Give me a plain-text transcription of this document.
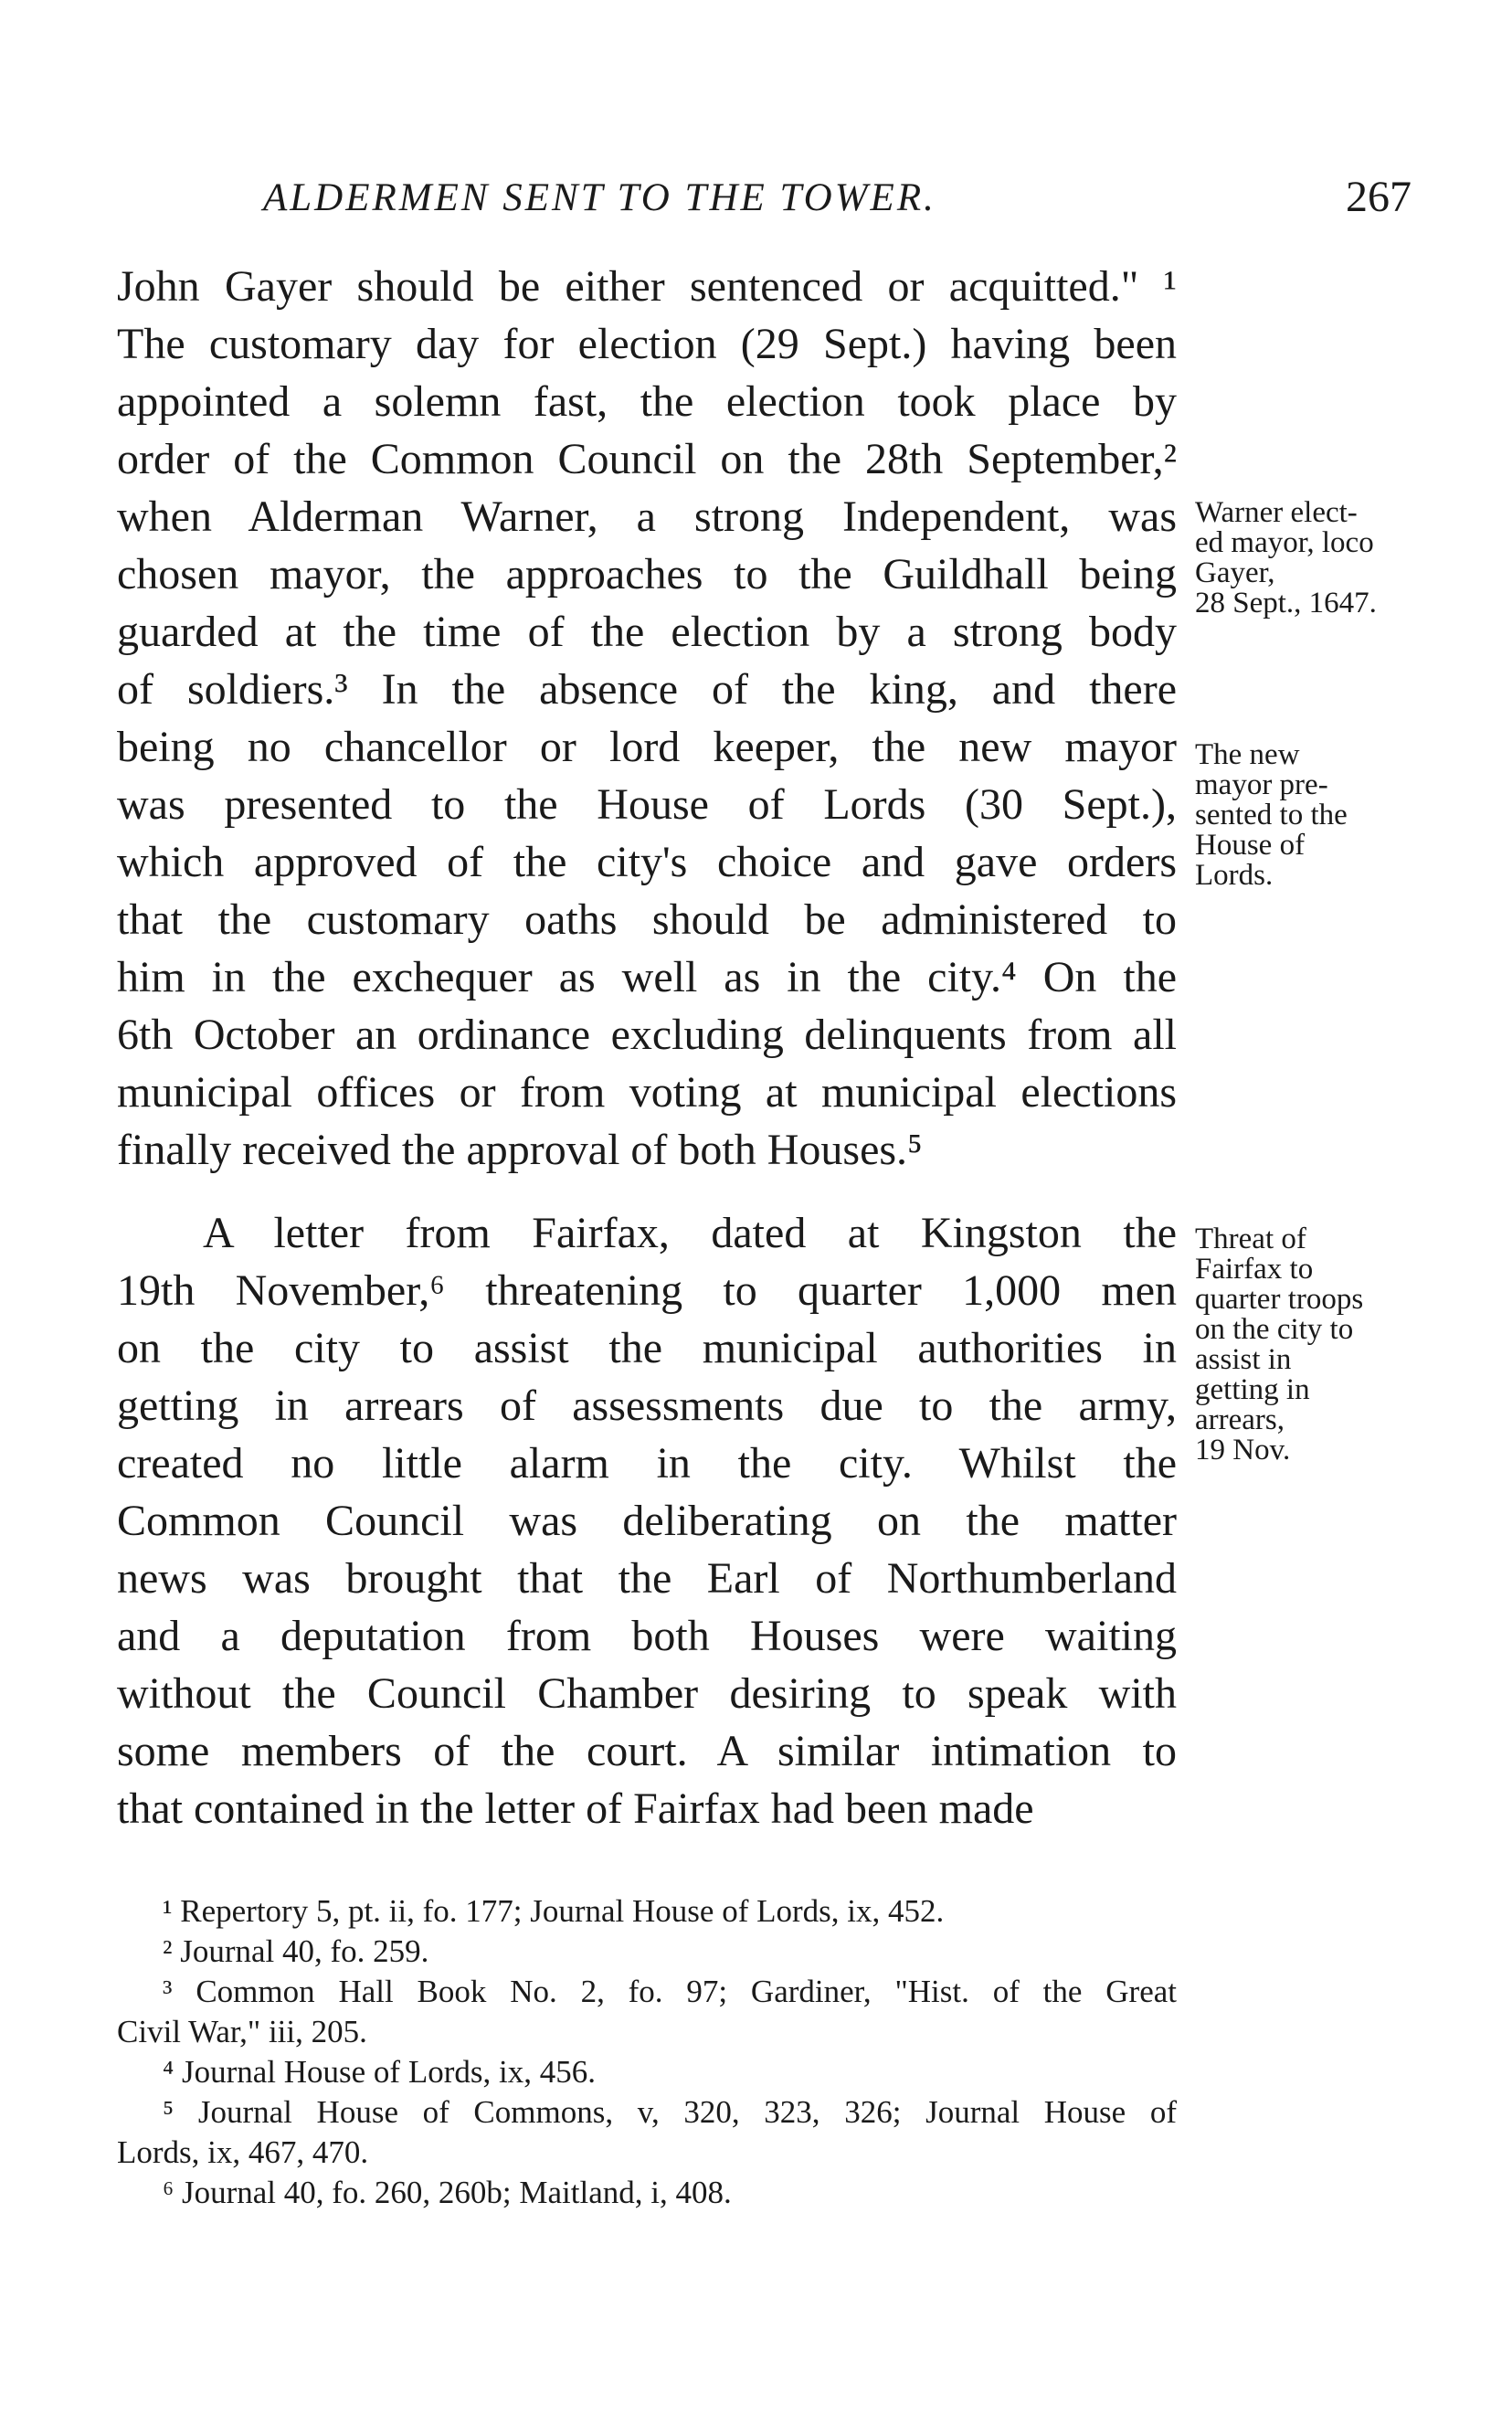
ALDERMEN SENT TO THE TOWER.	267
John Gayer should be either sentenced or acquitted." ¹
The customary day for election (29 Sept.) having been
appointed a solemn fast, the election took place by
order of the Common Council on the 28th September,²
when Alderman Warner, a strong Independent, was
chosen mayor, the approaches to the Guildhall being
guarded at the time of the election by a strong body
of soldiers.³ In the absence of the king, and there
being no chancellor or lord keeper, the new mayor
was presented to the House of Lords (30 Sept.),
which approved of the city's choice and gave orders
that the customary oaths should be administered to
him in the exchequer as well as in the city.⁴ On the
6th October an ordinance excluding delinquents from all
municipal offices or from voting at municipal elections
finally received the approval of both Houses.⁵
A letter from Fairfax, dated at Kingston the
19th November,⁶ threatening to quarter 1,000 men
on the city to assist the municipal authorities in
getting in arrears of assessments due to the army,
created no little alarm in the city. Whilst the
Common Council was deliberating on the matter
news was brought that the Earl of Northumberland
and a deputation from both Houses were waiting
without the Council Chamber desiring to speak with
some members of the court. A similar intimation to
that contained in the letter of Fairfax had been made
Warner elect-
ed mayor, loco
Gayer,
28 Sept., 1647.
The new
mayor pre-
sented to the
House of
Lords.
Threat of
Fairfax to
quarter troops
on the city to
assist in
getting in
arrears,
19 Nov.
¹ Repertory 5, pt. ii, fo. 177; Journal House of Lords, ix, 452.
² Journal 40, fo. 259.
³ Common Hall Book No. 2, fo. 97; Gardiner, "Hist. of the Great
Civil War," iii, 205.
⁴ Journal House of Lords, ix, 456.
⁵ Journal House of Commons, v, 320, 323, 326; Journal House of
Lords, ix, 467, 470.
⁶ Journal 40, fo. 260, 260b; Maitland, i, 408.
